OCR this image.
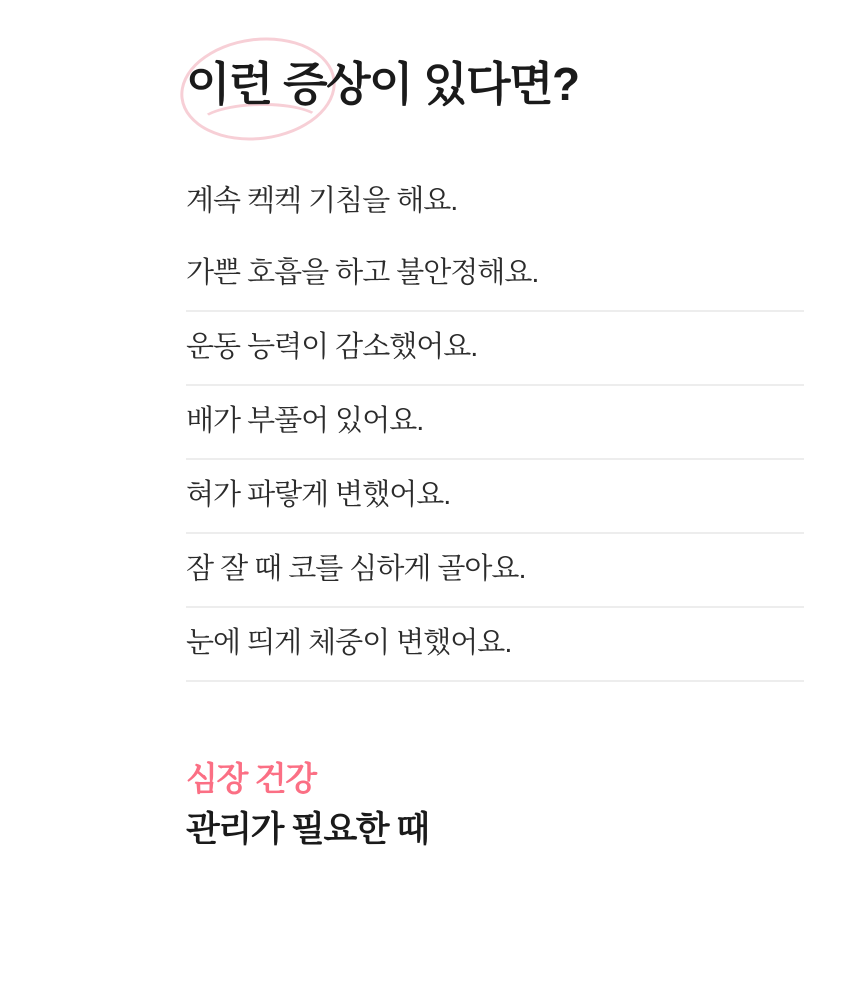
이런 증상이 있다면?
계속 켁켁 기침을 해요.
가쁜 호흡을 하고 불안정해요.
운동 능력이 감소했어요.
배가 부풀어 있어요.
혀가 파랗게 변했어요.
잠 잘 때 코를 심하게 골아요.
눈에 띄게 체중이 변했어요.
심장 건강
관리가 필요한 때
